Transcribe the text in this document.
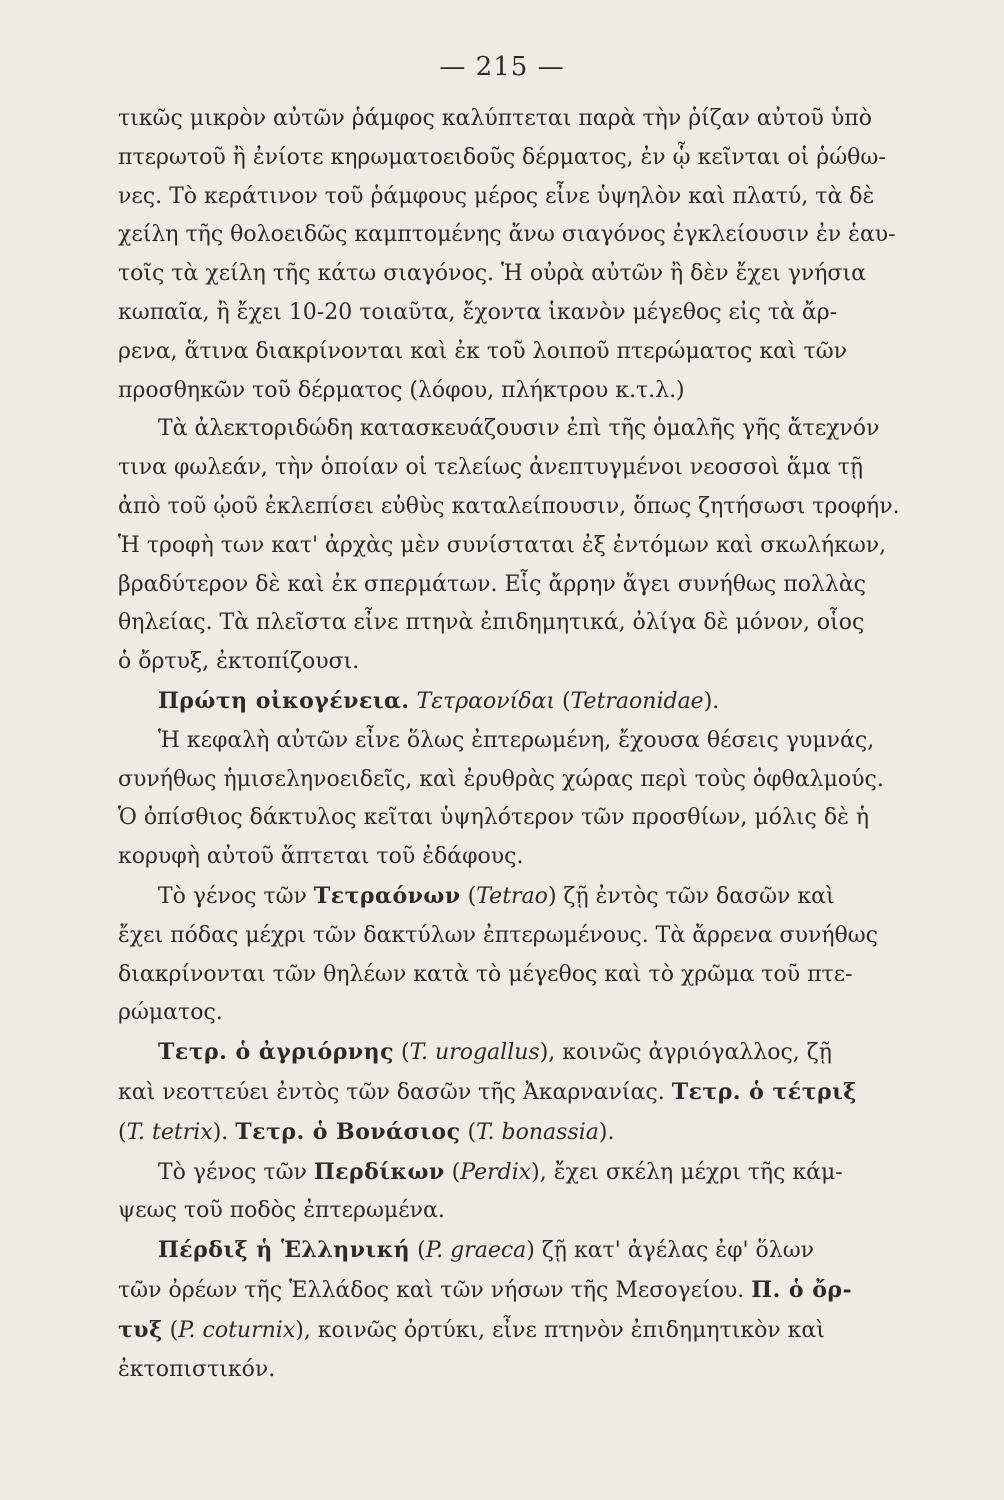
— 215 —
τικῶς μικρὸν αὐτῶν ῥάμφος καλύπτεται παρὰ τὴν ῥίζαν αὐτοῦ ὑπὸ
πτερωτοῦ ἢ ἐνίοτε κηρωματοειδοῦς δέρματος, ἐν ᾧ κεῖνται οἱ ῥώθω-
νες. Τὸ κεράτινον τοῦ ῥάμφους μέρος εἶνε ὑψηλὸν καὶ πλατύ, τὰ δὲ
χείλη τῆς θολοειδῶς καμπτομένης ἄνω σιαγόνος ἐγκλείουσιν ἐν ἑαυ-
τοῖς τὰ χείλη τῆς κάτω σιαγόνος. Ἡ οὐρὰ αὐτῶν ἢ δὲν ἔχει γνήσια
κωπαῖα, ἢ ἔχει 10-20 τοιαῦτα, ἔχοντα ἱκανὸν μέγεθος εἰς τὰ ἄρ-
ρενα, ἅτινα διακρίνονται καὶ ἐκ τοῦ λοιποῦ πτερώματος καὶ τῶν
προσθηκῶν τοῦ δέρματος (λόφου, πλήκτρου κ.τ.λ.)
Τὰ ἀλεκτοριδώδη κατασκευάζουσιν ἐπὶ τῆς ὁμαλῆς γῆς ἄτεχνόν
τινα φωλεάν, τὴν ὁποίαν οἱ τελείως ἀνεπτυγμένοι νεοσσοὶ ἅμα τῇ
ἀπὸ τοῦ ᾠοῦ ἐκλεπίσει εὐθὺς καταλείπουσιν, ὅπως ζητήσωσι τροφήν.
Ἡ τροφὴ των κατ' ἀρχὰς μὲν συνίσταται ἐξ ἐντόμων καὶ σκωλήκων,
βραδύτερον δὲ καὶ ἐκ σπερμάτων. Εἷς ἄρρην ἄγει συνήθως πολλὰς
θηλείας. Τὰ πλεῖστα εἶνε πτηνὰ ἐπιδημητικά, ὀλίγα δὲ μόνον, οἷος
ὁ ὄρτυξ, ἐκτοπίζουσι.
Πρώτη οἰκογένεια. Τετραονίδαι (Tetraonidae).
Ἡ κεφαλὴ αὐτῶν εἶνε ὅλως ἐπτερωμένη, ἔχουσα θέσεις γυμνάς,
συνήθως ἡμισεληνοειδεῖς, καὶ ἐρυθρὰς χώρας περὶ τοὺς ὀφθαλμούς.
Ὁ ὀπίσθιος δάκτυλος κεῖται ὑψηλότερον τῶν προσθίων, μόλις δὲ ἡ
κορυφὴ αὐτοῦ ἅπτεται τοῦ ἐδάφους.
Τὸ γένος τῶν Τετραόνων (Tetrao) ζῇ ἐντὸς τῶν δασῶν καὶ
ἔχει πόδας μέχρι τῶν δακτύλων ἐπτερωμένους. Τὰ ἄρρενα συνήθως
διακρίνονται τῶν θηλέων κατὰ τὸ μέγεθος καὶ τὸ χρῶμα τοῦ πτε-
ρώματος.
Τετρ. ὁ ἀγριόρνης (T. urogallus), κοινῶς ἀγριόγαλλος, ζῇ
καὶ νεοττεύει ἐντὸς τῶν δασῶν τῆς Ἀκαρνανίας. Τετρ. ὁ τέτριξ
(T. tetrix). Τετρ. ὁ Βονάσιος (T. bonassia).
Τὸ γένος τῶν Περδίκων (Perdix), ἔχει σκέλη μέχρι τῆς κάμ-
ψεως τοῦ ποδὸς ἐπτερωμένα.
Πέρδιξ ἡ Ἑλληνική (P. graeca) ζῇ κατ' ἀγέλας ἐφ' ὅλων
τῶν ὀρέων τῆς Ἑλλάδος καὶ τῶν νήσων τῆς Μεσογείου. Π. ὁ ὄρ-
τυξ (P. coturnix), κοινῶς ὀρτύκι, εἶνε πτηνὸν ἐπιδημητικὸν καὶ
ἐκτοπιστικόν.
